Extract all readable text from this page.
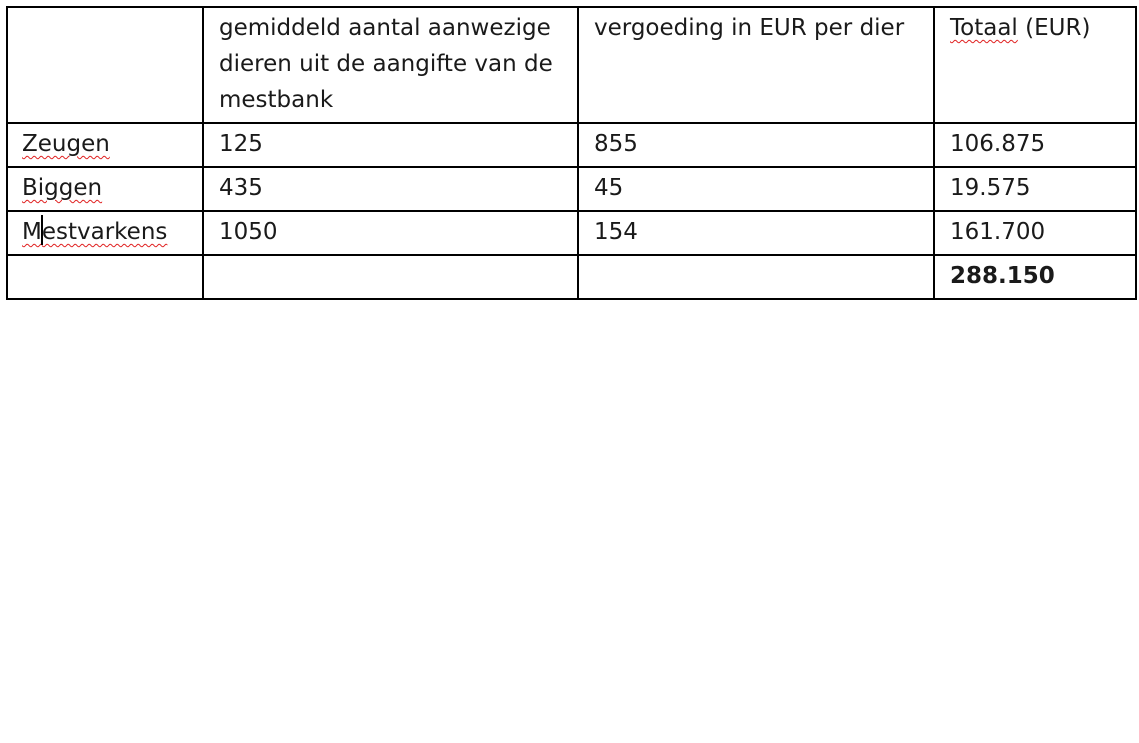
	gemiddeld aantal aanwezige dieren uit de aangifte van de mestbank	vergoeding in EUR per dier	Totaal (EUR)
Zeugen	125	855	106.875
Biggen	435	45	19.575
Mestvarkens	1050	154	161.700
			288.150
